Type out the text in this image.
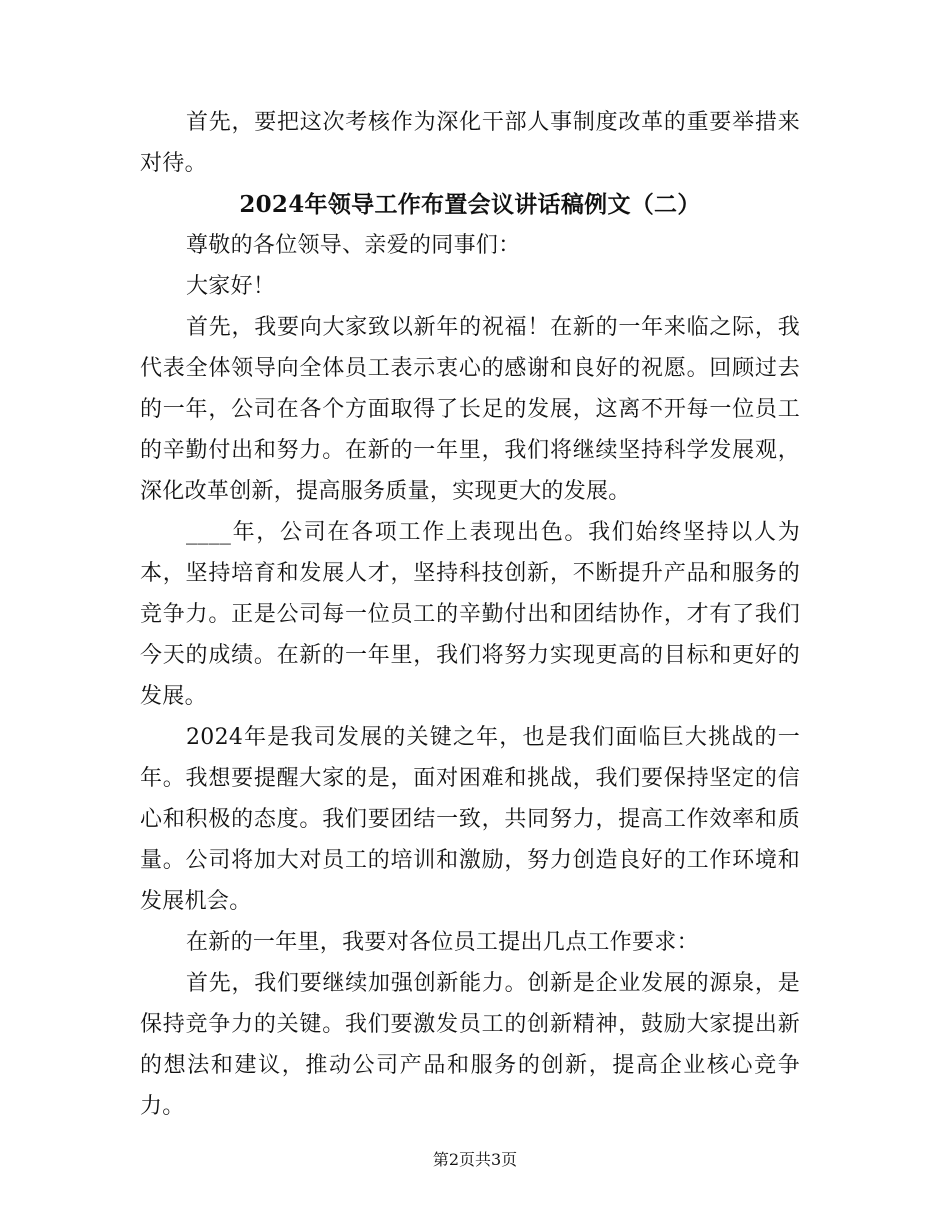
首先，要把这次考核作为深化干部人事制度改革的重要举措来对待。

2024年领导工作布置会议讲话稿例文（二）

尊敬的各位领导、亲爱的同事们：

大家好！

首先，我要向大家致以新年的祝福！在新的一年来临之际，我代表全体领导向全体员工表示衷心的感谢和良好的祝愿。回顾过去的一年，公司在各个方面取得了长足的发展，这离不开每一位员工的辛勤付出和努力。在新的一年里，我们将继续坚持科学发展观，深化改革创新，提高服务质量，实现更大的发展。

____年，公司在各项工作上表现出色。我们始终坚持以人为本，坚持培育和发展人才，坚持科技创新，不断提升产品和服务的竞争力。正是公司每一位员工的辛勤付出和团结协作，才有了我们今天的成绩。在新的一年里，我们将努力实现更高的目标和更好的发展。

2024年是我司发展的关键之年，也是我们面临巨大挑战的一年。我想要提醒大家的是，面对困难和挑战，我们要保持坚定的信心和积极的态度。我们要团结一致，共同努力，提高工作效率和质量。公司将加大对员工的培训和激励，努力创造良好的工作环境和发展机会。

在新的一年里，我要对各位员工提出几点工作要求：

首先，我们要继续加强创新能力。创新是企业发展的源泉，是保持竞争力的关键。我们要激发员工的创新精神，鼓励大家提出新的想法和建议，推动公司产品和服务的创新，提高企业核心竞争力。

第2页共3页
